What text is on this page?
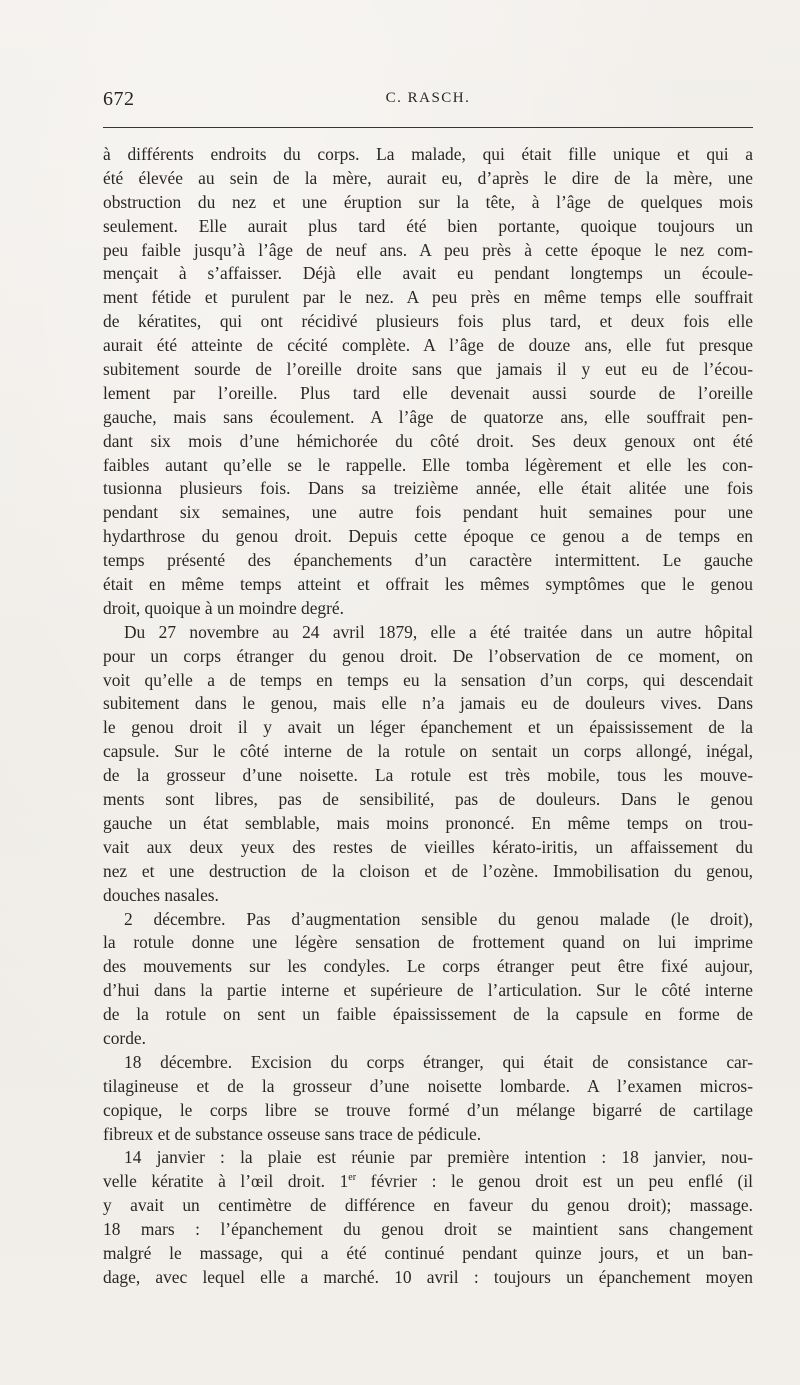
672	C. RASCH.
à différents endroits du corps. La malade, qui était fille unique et qui a
été élevée au sein de la mère, aurait eu, d’après le dire de la mère, une
obstruction du nez et une éruption sur la tête, à l’âge de quelques mois
seulement. Elle aurait plus tard été bien portante, quoique toujours un
peu faible jusqu’à l’âge de neuf ans. A peu près à cette époque le nez com-
mençait à s’affaisser. Déjà elle avait eu pendant longtemps un écoule-
ment fétide et purulent par le nez. A peu près en même temps elle souffrait
de kératites, qui ont récidivé plusieurs fois plus tard, et deux fois elle
aurait été atteinte de cécité complète. A l’âge de douze ans, elle fut presque
subitement sourde de l’oreille droite sans que jamais il y eut eu de l’écou-
lement par l’oreille. Plus tard elle devenait aussi sourde de l’oreille
gauche, mais sans écoulement. A l’âge de quatorze ans, elle souffrait pen-
dant six mois d’une hémichorée du côté droit. Ses deux genoux ont été
faibles autant qu’elle se le rappelle. Elle tomba légèrement et elle les con-
tusionna plusieurs fois. Dans sa treizième année, elle était alitée une fois
pendant six semaines, une autre fois pendant huit semaines pour une
hydarthrose du genou droit. Depuis cette époque ce genou a de temps en
temps présenté des épanchements d’un caractère intermittent. Le gauche
était en même temps atteint et offrait les mêmes symptômes que le genou
droit, quoique à un moindre degré.
Du 27 novembre au 24 avril 1879, elle a été traitée dans un autre hôpital
pour un corps étranger du genou droit. De l’observation de ce moment, on
voit qu’elle a de temps en temps eu la sensation d’un corps, qui descendait
subitement dans le genou, mais elle n’a jamais eu de douleurs vives. Dans
le genou droit il y avait un léger épanchement et un épaississement de la
capsule. Sur le côté interne de la rotule on sentait un corps allongé, inégal,
de la grosseur d’une noisette. La rotule est très mobile, tous les mouve-
ments sont libres, pas de sensibilité, pas de douleurs. Dans le genou
gauche un état semblable, mais moins prononcé. En même temps on trou-
vait aux deux yeux des restes de vieilles kérato-iritis, un affaissement du
nez et une destruction de la cloison et de l’ozène. Immobilisation du genou,
douches nasales.
2 décembre. Pas d’augmentation sensible du genou malade (le droit),
la rotule donne une légère sensation de frottement quand on lui imprime
des mouvements sur les condyles. Le corps étranger peut être fixé aujour,
d’hui dans la partie interne et supérieure de l’articulation. Sur le côté interne
de la rotule on sent un faible épaississement de la capsule en forme de
corde.
18 décembre. Excision du corps étranger, qui était de consistance car-
tilagineuse et de la grosseur d’une noisette lombarde. A l’examen micros-
copique, le corps libre se trouve formé d’un mélange bigarré de cartilage
fibreux et de substance osseuse sans trace de pédicule.
14 janvier : la plaie est réunie par première intention : 18 janvier, nou-
velle kératite à l’œil droit. 1er février : le genou droit est un peu enflé (il
y avait un centimètre de différence en faveur du genou droit); massage.
18 mars : l’épanchement du genou droit se maintient sans changement
malgré le massage, qui a été continué pendant quinze jours, et un ban-
dage, avec lequel elle a marché. 10 avril : toujours un épanchement moyen
